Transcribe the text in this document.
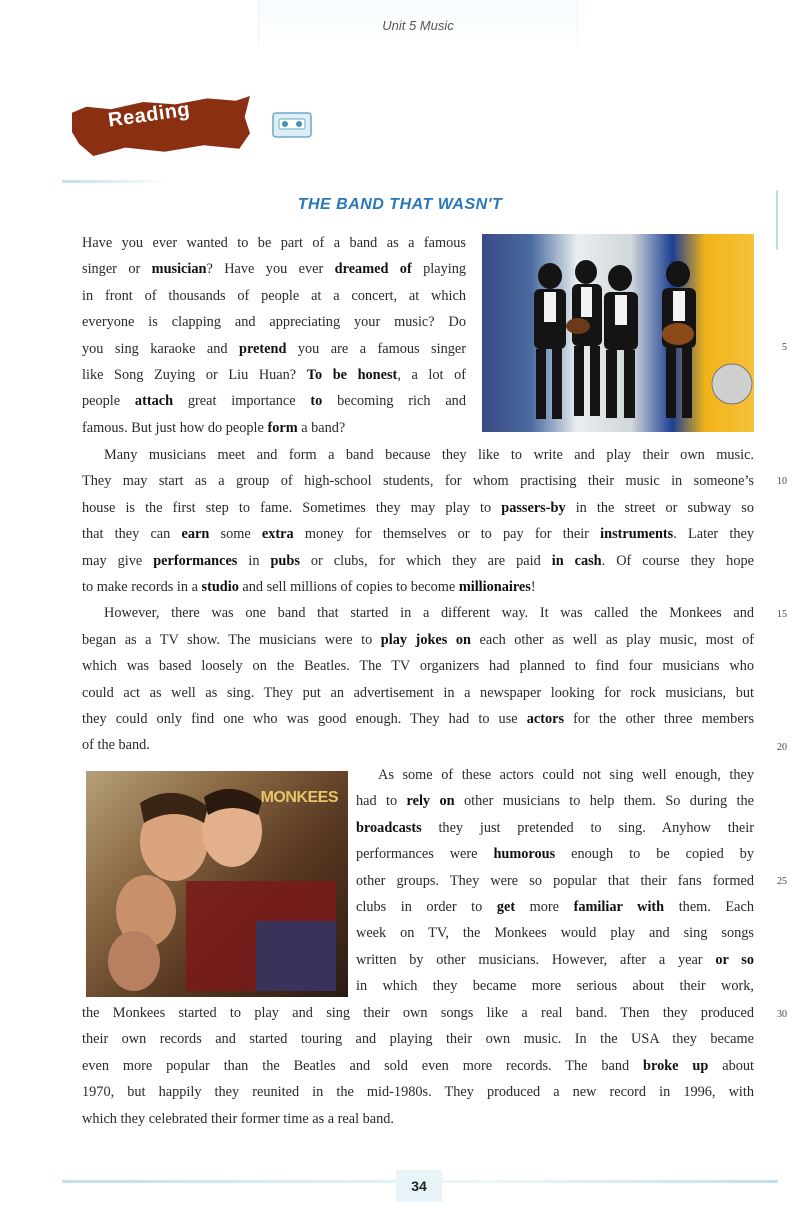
Unit 5 Music
Reading
THE BAND THAT WASN'T
MONKEES
Have you ever wanted to be part of a band as a famous
singer or musician? Have you ever dreamed of playing
in front of thousands of people at a concert, at which
everyone is clapping and appreciating your music? Do
you sing karaoke and pretend you are a famous singer
like Song Zuying or Liu Huan? To be honest, a lot of
people attach great importance to becoming rich and
famous. But just how do people form a band?
Many musicians meet and form a band because they like to write and play their own music.
They may start as a group of high-school students, for whom practising their music in someone’s
house is the first step to fame. Sometimes they may play to passers-by in the street or subway so
that they can earn some extra money for themselves or to pay for their instruments. Later they
may give performances in pubs or clubs, for which they are paid in cash. Of course they hope
to make records in a studio and sell millions of copies to become millionaires!
However, there was one band that started in a different way. It was called the Monkees and
began as a TV show. The musicians were to play jokes on each other as well as play music, most of
which was based loosely on the Beatles. The TV organizers had planned to find four musicians who
could act as well as sing. They put an advertisement in a newspaper looking for rock musicians, but
they could only find one who was good enough. They had to use actors for the other three members
of the band.
As some of these actors could not sing well enough, they
had to rely on other musicians to help them. So during the
broadcasts they just pretended to sing. Anyhow their
performances were humorous enough to be copied by
other groups. They were so popular that their fans formed
clubs in order to get more familiar with them. Each
week on TV, the Monkees would play and sing songs
written by other musicians. However, after a year or so
in which they became more serious about their work,
the Monkees started to play and sing their own songs like a real band. Then they produced
their own records and started touring and playing their own music. In the USA they became
even more popular than the Beatles and sold even more records. The band broke up about
1970, but happily they reunited in the mid-1980s. They produced a new record in 1996, with
which they celebrated their former time as a real band.
5
10
15
20
25
30
34
